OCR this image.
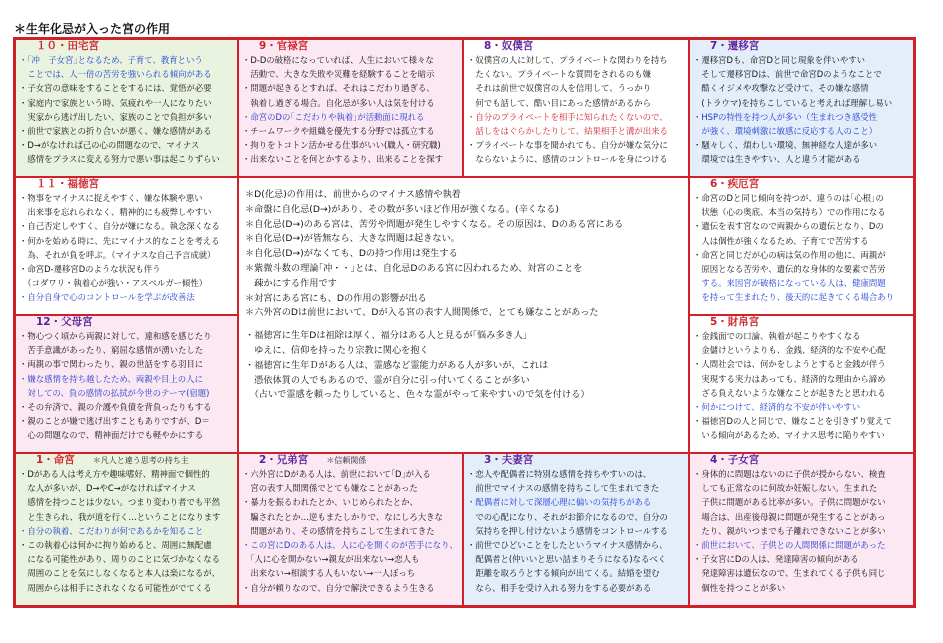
＊生年化忌が入った宮の作用
１０・田宅宮
・｢冲　子女宮｣となるため、子育て、教育という
　ことでは、人一倍の苦労を強いられる傾向がある
・子女宮の意味をすることをするには、覚悟が必要
・家庭内で家族という時、気疲れや一人になりたい
　実家から逃げ出したい、家族のことで負担が多い
・前世で家族との折り合いが悪く、嫌な感情がある
・D→がなければ己の心の問題なので、マイナス
　感情をプラスに変える努力で悪い事は起こりずらい
9・官禄宮
・D-Dの破格になっていれば、人生において様々な
　活動で、大きな失敗や災難を経験することを暗示
・問題が起きるとすれば、それはこだわり過ぎる、
　執着し過ぎる場合。自化忌が多い人は気を付ける
・命宮のDの｢こだわりや執着｣が活動面に現れる
・チームワークや組織を優先する分野では孤立する
・拘りをトコトン活かせる仕事がいい(職人・研究職)
・出来ないことを何とかするより、出来ることを探す
8・奴僕宮
・奴僕宮の人に対して、プライベートな関わりを持ち
　たくない。プライベートな質問をされるのも嫌
　それは前世で奴僕宮の人を信用して、うっかり
　何でも話して、酷い目にあった感情があるから
・自分のプライベートを相手に知られたくないので、
　話しをはぐらかしたりして、結果相手と溝が出来る
・プライベートな事を聞かれても、自分が嫌な気分に
　ならないように、感情のコントロールを身につける
7・遷移宮
・遷移宮Dも、命宮Dと同じ現象を伴いやすい
　そして遷移宮Dは、前世で命宮Dのようなことで
　酷くイジメや攻撃など受けて、その嫌な感情
　(トラウマ)を持ちこしていると考えれば理解し易い
・HSPの特性を持つ人が多い（生まれつき感受性
　が強く、環境刺激に敏感に反応する人のこと）
・騒々しく、煩わしい環境、無神経な人達が多い
　環境では生きやすい、人と違う才能がある
１１・福徳宮
・物事をマイナスに捉えやすく、嫌な体験や悪い
　出来事を忘れられなく、精神的にも疲弊しやすい
・自己否定しやすく、自分が嫌になる。執念深くなる
・何かを始める時に、先にマイナス的なことを考える
　為、それが負を呼ぶ。（マイナスな自己予言成就）
・命宮D-遷移宮Dのような状況も伴う
　（コダワリ・執着心が強い・アスペルガー傾性）
・自分自身で心のコントロールを学ぶが改善法
12・父母宮
・物心つく頃から両親に対して、違和感を感じたり
　苦手意識があったり、窮屈な感情が湧いたした
・両親の事で関わったり、親の世話をする羽目に
・嫌な感情を持ち越したため、両親や目上の人に
　対しての、負の感情の払拭が今世のテーマ(宿題)
・その弁済で、親の介護や負債を背負ったりもする
・親のことが嫌で逃げ出すこともありですが、D＝
　心の問題なので、精神面だけでも軽やかにする
＊D(化忌)の作用は、前世からのマイナス感情や執着
＊命盤に自化忌(D→)があり、その数が多いほど作用が強くなる。(辛くなる)
＊自化忌(D→)のある宮は、苦労や問題が発生しやすくなる。その原因は、Dのある宮にある
＊自化忌(D→)が皆無なら、大きな問題は起きない。
＊自化忌(D→)がなくても、Dの持つ作用は発生する
＊紫微斗数の理論｢冲・・｣とは、自化忌Dのある宮に囚われるため、対宮のことを
　疎かにする作用です
＊対宮にある宮にも、Dの作用の影響が出る
＊六外宮のDは前世において、Dが入る宮の表す人間関係で、とても嫌なことがあった
・福徳宮に生年Dは祖除は厚く、福分はある人と見るが｢悩み多き人｣
　ゆえに、信仰を持ったり宗教に関心を抱く
・福徳宮に生年Ｄがある人は、霊感など霊能力がある人が多いが、これは
　憑依体質の人でもあるので、霊が自分に引っ付いてくることが多い
　（占いで霊感を頼ったりしていると、色々な霊がやって来やすいので気を付ける）
6・疾厄宮
・命宮のDと同じ傾向を持つが、違うのは｢心根｣の
　状態（心の奥底、本当の気持ち）での作用になる
・遺伝を表す宮なので両親からの遺伝となり、Dの
　人は個性が強くなるため、子育てで苦労する
・命宮と同じだが心の病は気の作用の他に、両親が
　原因となる苦労や、遺伝的な身体的な要素で苦労
　する。来因宮が破格になっている人は、健康問題
　を持って生まれたり、後天的に起きてくる場合あり
5・財帛宮
・金銭面での口論、執着が起こりやすくなる
　金儲けというよりも、金銭、経済的な不安や心配
・人間社会では、何かをしようとすると金銭が伴う
　実現する実力はあっても、経済的な理由から諦め
　ざる負えないような嫌なことが起きたと思われる
・何かにつけて、経済的な不安が伴いやすい
・福徳宮Dの人と同じで、嫌なことを引きずり覚えて
　いる傾向があるため、マイナス思考に陥りやすい
1・命宮 ＊凡人と違う思考の持ち主
・Dがある人は考え方や趣味嗜好、精神面で個性的
　な人が多いが、D→やC→がなければマイナス
　感情を持つことは少ない。つまり変わり者でも平然
　と生きられ、我が道を行く…ということになります
・自分の執着、こだわりが何であるかを知ること
・この執着心は何かに拘り始めると、周囲に無配慮
　になる可能性があり、周りのことに気づかなくなる
　周囲のことを気にしなくなると本人は楽になるが、
　周囲からは相手にされなくなる可能性がでてくる
2・兄弟宮 ＊信頼関係
・六外宮にDがある人は、前世において｢D｣が入る
　宮の表す人間関係でとても嫌なことがあった
・暴力を振るわれたとか、いじめられたとか、
　騙されたとか…逆もまたしかりで、なにしろ大きな
　問題があり、その感情を持ちこして生まれてきた
・この宮にDのある人は、人に心を開くのが苦手になり、
　｢人に心を開かない→親友が出来ない→恋人も
　出来ない→相談する人もいない→一人ぼっち
・自分が頼りなので、自分で解決できるよう生きる
3・夫妻宮
・恋人や配偶者に特別な感情を持ちやすいのは、
　前世でマイナスの感情を持ちこして生まれてきた
・配偶者に対して深層心理に偏いの気持ちがある
　での心配になり、それがお節介になるので、自分の
　気持ちを押し付けないよう感情をコントロールする
・前世でひどいことをしたというマイナス感情から、
　配偶者と(仲いいと思い詰まりそうになる)なるべく
　距離を取ろうとする傾向が出てくる。結婚を望む
　なら、相手を受け入れる努力をする必要がある
4・子女宮
・身体的に問題はないのに子供が授からない、検査
　しても正常なのに何故か妊娠しない。生まれた
　子供に問題がある比率が多い。子供に問題がない
　場合は、出産後母親に問題が発生することがあっ
　たり、親がいつまでも子離れできないことが多い
・前世において、子供との人間関係に問題があった
・子女宮にDの人は、発達障害の傾向がある
　発達障害は遺伝なので、生まれてくる子供も同じ
　個性を持つことが多い
